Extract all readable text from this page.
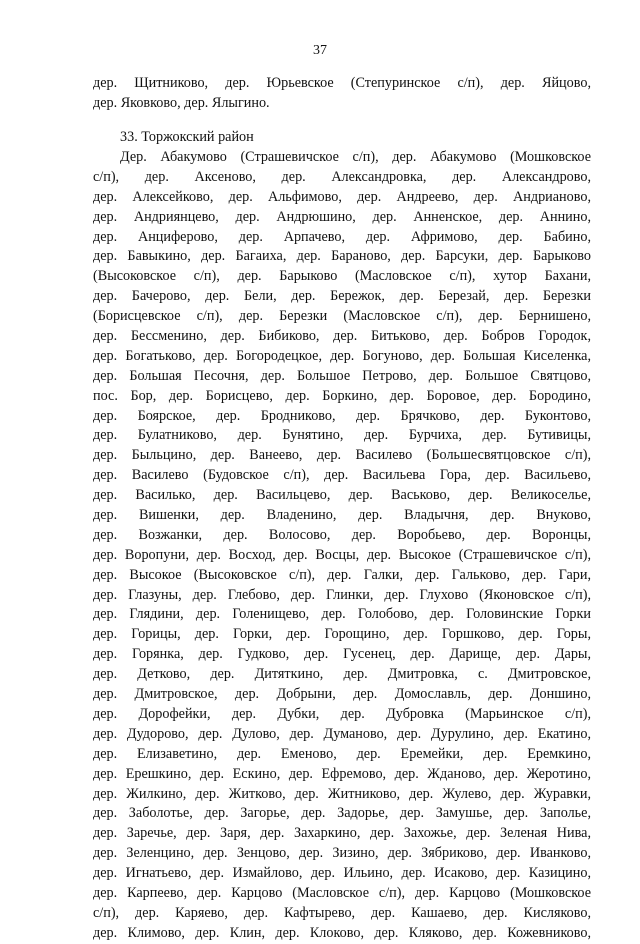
37
дер. Щитниково, дер. Юрьевское (Степуринское с/п), дер. Яйцово,
дер. Яковково, дер. Ялыгино.
33. Торжокский район
Дер. Абакумово (Страшевичское с/п), дер. Абакумово (Мошковское
с/п), дер. Аксеново, дер. Александровка, дер. Александрово,
дер. Алексейково, дер. Альфимово, дер. Андреево, дер. Андрианово,
дер. Андриянцево, дер. Андрюшино, дер. Анненское, дер. Аннино,
дер. Анциферово, дер. Арпачево, дер. Афримово, дер. Бабино,
дер. Бавыкино, дер. Багаиха, дер. Бараново, дер. Барсуки, дер. Барыково
(Высоковское с/п), дер. Барыково (Масловское с/п), хутор Бахани,
дер. Бачерово, дер. Бели, дер. Бережок, дер. Березай, дер. Березки
(Борисцевское с/п), дер. Березки (Масловское с/п), дер. Бернишено,
дер. Бессменино, дер. Бибиково, дер. Битьково, дер. Бобров Городок,
дер. Богатьково, дер. Богородецкое, дер. Богуново, дер. Большая Киселенка,
дер. Большая Песочня, дер. Большое Петрово, дер. Большое Святцово,
пос. Бор, дер. Борисцево, дер. Боркино, дер. Боровое, дер. Бородино,
дер. Боярское, дер. Бродниково, дер. Брячково, дер. Буконтово,
дер. Булатниково, дер. Бунятино, дер. Бурчиха, дер. Бутивицы,
дер. Быльцино, дер. Ванеево, дер. Василево (Большесвятцовское с/п),
дер. Василево (Будовское с/п), дер. Васильева Гора, дер. Васильево,
дер. Василько, дер. Васильцево, дер. Васьково, дер. Великоселье,
дер. Вишенки, дер. Владенино, дер. Владычня, дер. Внуково,
дер. Возжанки, дер. Волосово, дер. Воробьево, дер. Воронцы,
дер. Воропуни, дер. Восход, дер. Восцы, дер. Высокое (Страшевичское с/п),
дер. Высокое (Высоковское с/п), дер. Галки, дер. Гальково, дер. Гари,
дер. Глазуны, дер. Глебово, дер. Глинки, дер. Глухово (Яконовское с/п),
дер. Глядини, дер. Голенищево, дер. Голобово, дер. Головинские Горки
дер. Горицы, дер. Горки, дер. Горощино, дер. Горшково, дер. Горы,
дер. Горянка, дер. Гудково, дер. Гусенец, дер. Дарище, дер. Дары,
дер. Детково, дер. Дитяткино, дер. Дмитровка, с. Дмитровское,
дер. Дмитровское, дер. Добрыни, дер. Домославль, дер. Доншино,
дер. Дорофейки, дер. Дубки, дер. Дубровка (Марьинское с/п),
дер. Дудорово, дер. Дулово, дер. Думаново, дер. Дурулино, дер. Екатино,
дер. Елизаветино, дер. Еменово, дер. Еремейки, дер. Еремкино,
дер. Ерешкино, дер. Ескино, дер. Ефремово, дер. Жданово, дер. Жеротино,
дер. Жилкино, дер. Житково, дер. Житниково, дер. Жулево, дер. Журавки,
дер. Заболотье, дер. Загорье, дер. Задорье, дер. Замушье, дер. Заполье,
дер. Заречье, дер. Заря, дер. Захаркино, дер. Захожье, дер. Зеленая Нива,
дер. Зеленцино, дер. Зенцово, дер. Зизино, дер. Зябриково, дер. Иванково,
дер. Игнатьево, дер. Измайлово, дер. Ильино, дер. Исаково, дер. Казицино,
дер. Карпеево, дер. Карцово (Масловское с/п), дер. Карцово (Мошковское
с/п), дер. Каряево, дер. Кафтырево, дер. Кашаево, дер. Кисляково,
дер. Климово, дер. Клин, дер. Клоково, дер. Кляково, дер. Кожевниково,
